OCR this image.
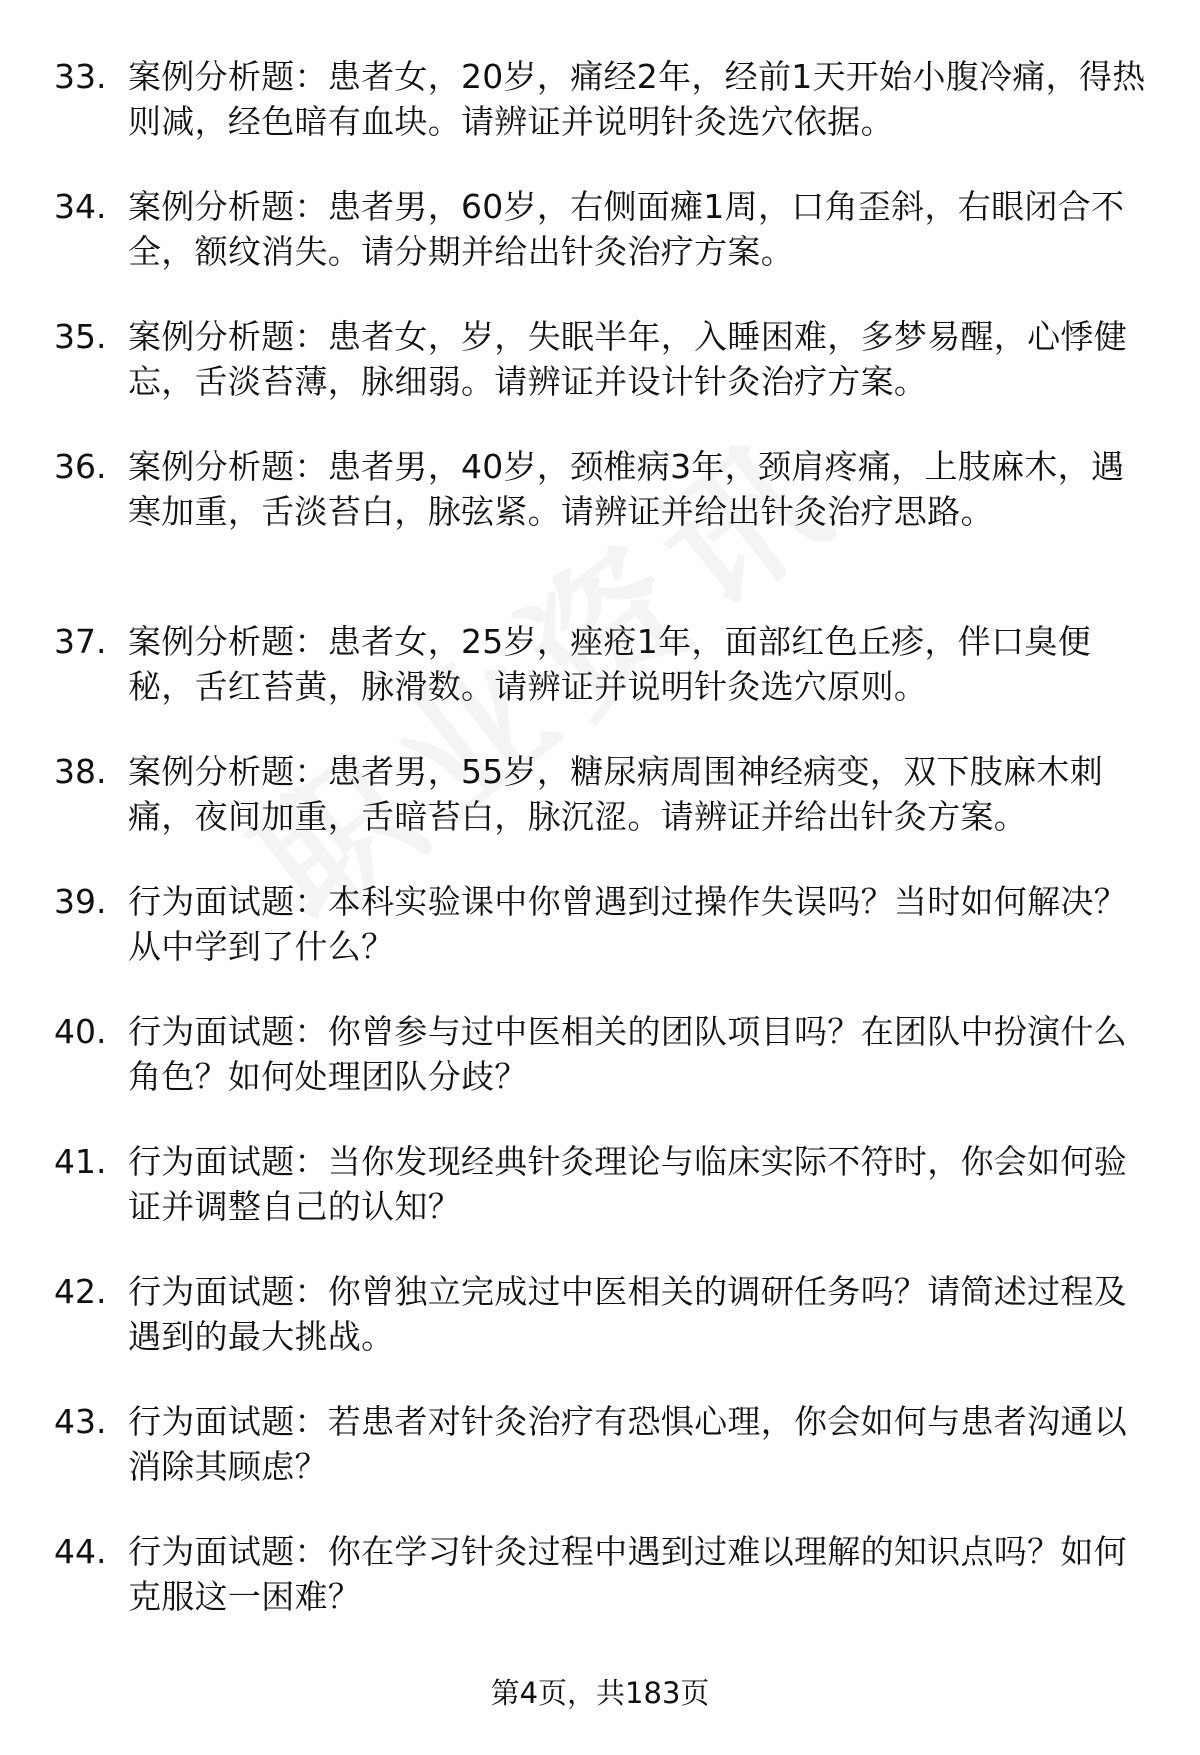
33. 案例分析题：患者女，20岁，痛经2年，经前1天开始小腹冷痛，得热则减，经色暗有血块。请辨证并说明针灸选穴依据。
34. 案例分析题：患者男，60岁，右侧面瘫1周，口角歪斜，右眼闭合不全，额纹消失。请分期并给出针灸治疗方案。
35. 案例分析题：患者女，岁，失眠半年，入睡困难，多梦易醒，心悸健忘，舌淡苔薄，脉细弱。请辨证并设计针灸治疗方案。
36. 案例分析题：患者男，40岁，颈椎病3年，颈肩疼痛，上肢麻木，遇寒加重，舌淡苔白，脉弦紧。请辨证并给出针灸治疗思路。
37. 案例分析题：患者女，25岁，痤疮1年，面部红色丘疹，伴口臭便秘，舌红苔黄，脉滑数。请辨证并说明针灸选穴原则。
38. 案例分析题：患者男，55岁，糖尿病周围神经病变，双下肢麻木刺痛，夜间加重，舌暗苔白，脉沉涩。请辨证并给出针灸方案。
39. 行为面试题：本科实验课中你曾遇到过操作失误吗？当时如何解决？从中学到了什么？
40. 行为面试题：你曾参与过中医相关的团队项目吗？在团队中扮演什么角色？如何处理团队分歧？
41. 行为面试题：当你发现经典针灸理论与临床实际不符时，你会如何验证并调整自己的认知？
42. 行为面试题：你曾独立完成过中医相关的调研任务吗？请简述过程及遇到的最大挑战。
43. 行为面试题：若患者对针灸治疗有恐惧心理，你会如何与患者沟通以消除其顾虑？
44. 行为面试题：你在学习针灸过程中遇到过难以理解的知识点吗？如何克服这一困难？
第4页，共183页
